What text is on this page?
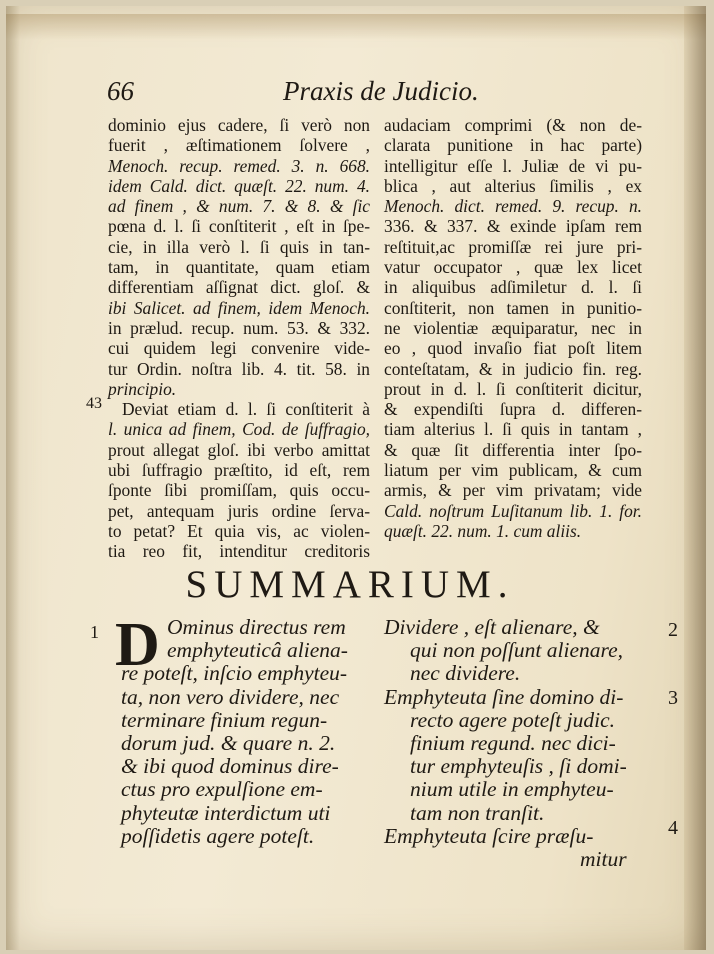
66	Praxis de Judicio.
dominio ejus cadere, ſi verò non
fuerit , æſtimationem ſolvere ,
Menoch. recup. remed. 3. n. 668.
idem Cald. dict. quæſt. 22. num. 4.
ad finem , & num. 7. & 8. & ſic
pœna d. l. ſi conſtiterit , eſt in ſpe-
cie, in illa verò l. ſi quis in tan-
tam, in quantitate, quam etiam
differentiam aſſignat dict. gloſ. &
ibi Salicet. ad finem, idem Menoch.
in prælud. recup. num. 53. & 332.
cui quidem legi convenire vide-
tur Ordin. noſtra lib. 4. tit. 58. in
principio.
Deviat etiam d. l. ſi conſtiterit à
l. unica ad finem, Cod. de ſuffragio,
prout allegat gloſ. ibi verbo amittat
ubi ſuffragio præſtito, id eſt, rem
ſponte ſibi promiſſam, quis occu-
pet, antequam juris ordine ſerva-
to petat? Et quia vis, ac violen-
tia reo fit, intenditur creditoris
43
audaciam comprimi (& non de-
clarata punitione in hac parte)
intelligitur eſſe l. Juliæ de vi pu-
blica , aut alterius ſimilis , ex
Menoch. dict. remed. 9. recup. n.
336. & 337. & exinde ipſam rem
reſtituit,ac promiſſæ rei jure pri-
vatur occupator , quæ lex licet
in aliquibus adſimiletur d. l. ſi
conſtiterit, non tamen in punitio-
ne violentiæ æquiparatur, nec in
eo , quod invaſio fiat poſt litem
conteſtatam, & in judicio fin. reg.
prout in d. l. ſi conſtiterit dicitur,
& expendiſti ſupra d. differen-
tiam alterius l. ſi quis in tantam ,
& quæ ſit differentia inter ſpo-
liatum per vim publicam, & cum
armis, & per vim privatam; vide
Cald. noſtrum Luſitanum lib. 1. for.
quæſt. 22. num. 1. cum aliis.
SUMMARIUM.
1 D Ominus directus rem
emphyteuticâ aliena-
re poteſt, inſcio emphyteu-
ta, non vero dividere, nec
terminare finium regun-
dorum jud. & quare n. 2.
& ibi quod dominus dire-
ctus pro expulſione em-
phyteutæ interdictum uti
poſſidetis agere poteſt.
Dividere , eſt alienare, &
qui non poſſunt alienare,
nec dividere.
Emphyteuta ſine domino di-
recto agere poteſt judic.
finium regund. nec dici-
tur emphyteuſis , ſi domi-
nium utile in emphyteu-
tam non tranſit.
Emphyteuta ſcire præſu-
mitur
2
3
4
